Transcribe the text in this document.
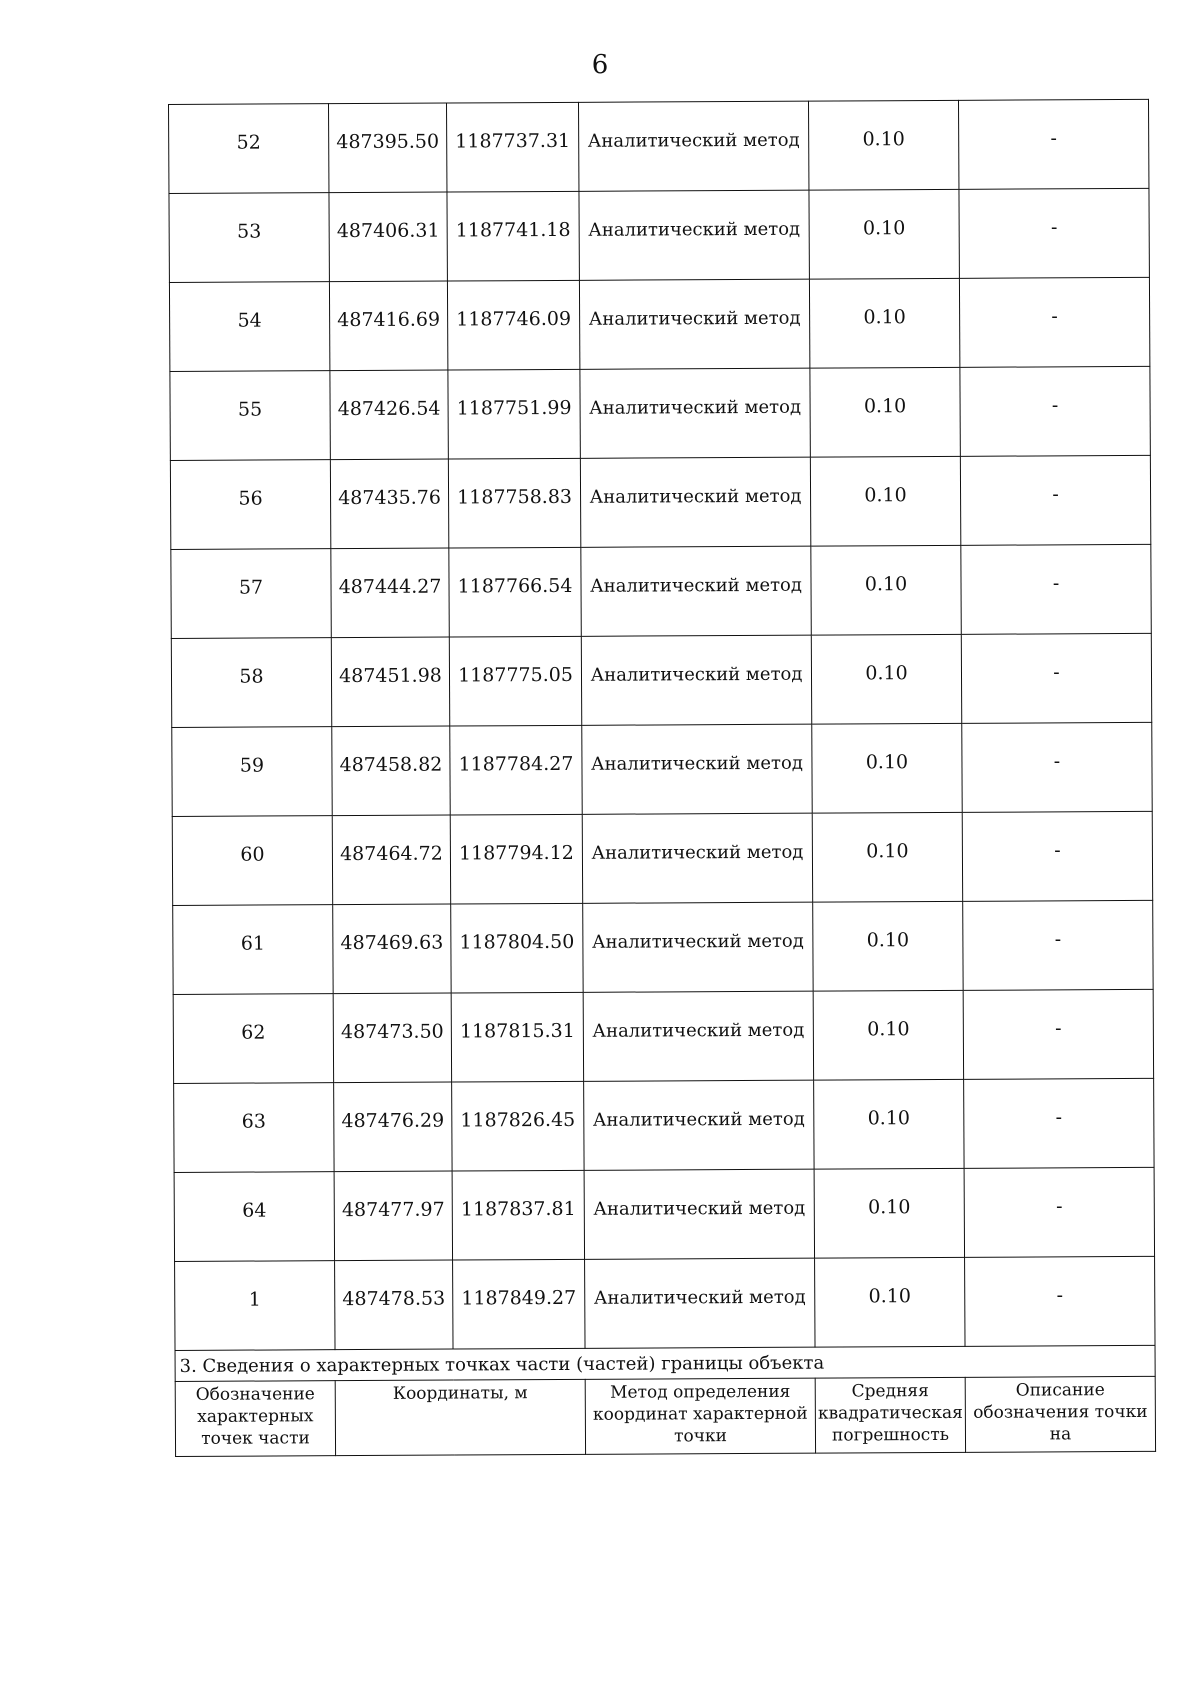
6
52	487395.50	1187737.31	Аналитический метод	0.10	-
53	487406.31	1187741.18	Аналитический метод	0.10	-
54	487416.69	1187746.09	Аналитический метод	0.10	-
55	487426.54	1187751.99	Аналитический метод	0.10	-
56	487435.76	1187758.83	Аналитический метод	0.10	-
57	487444.27	1187766.54	Аналитический метод	0.10	-
58	487451.98	1187775.05	Аналитический метод	0.10	-
59	487458.82	1187784.27	Аналитический метод	0.10	-
60	487464.72	1187794.12	Аналитический метод	0.10	-
61	487469.63	1187804.50	Аналитический метод	0.10	-
62	487473.50	1187815.31	Аналитический метод	0.10	-
63	487476.29	1187826.45	Аналитический метод	0.10	-
64	487477.97	1187837.81	Аналитический метод	0.10	-
1	487478.53	1187849.27	Аналитический метод	0.10	-
3. Сведения о характерных точках части (частей) границы объекта					
Обозначение характерных точек части	Координаты, м		Метод определения координат характерной точки	Средняя квадратическая погрешность	Описание обозначения точки на
